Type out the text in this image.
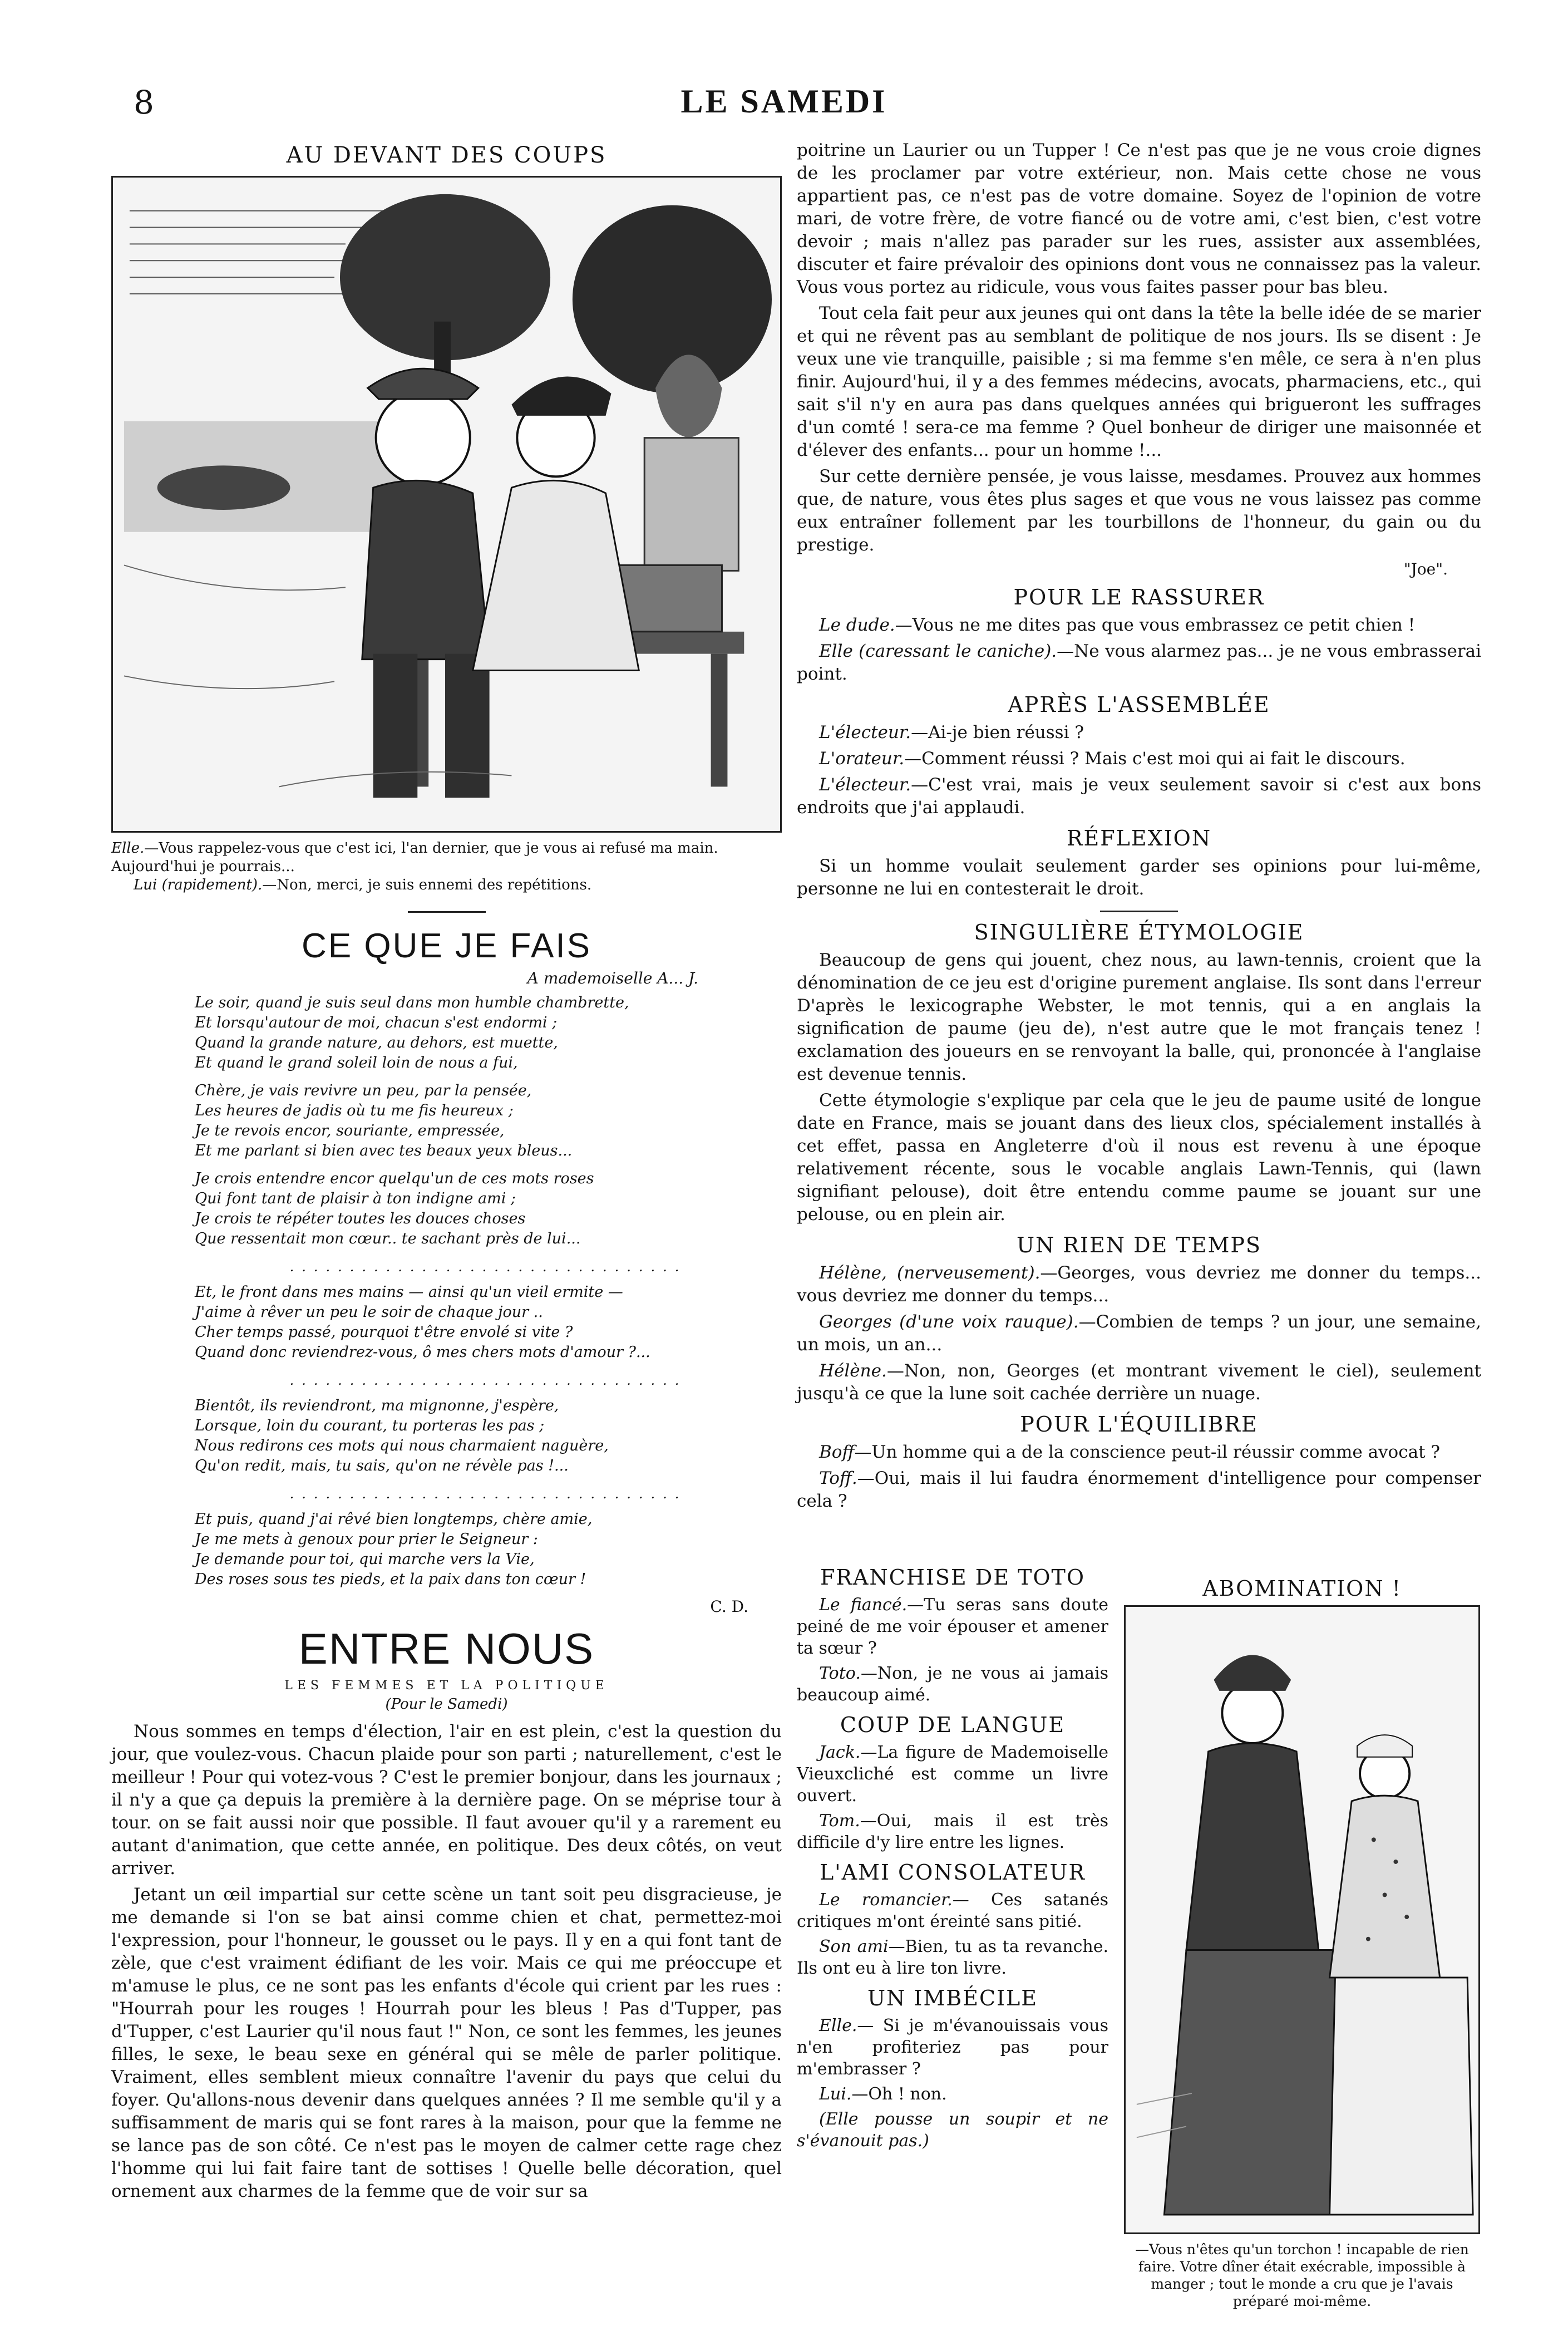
8	LE SAMEDI
AU DEVANT DES COUPS
Elle.—Vous rappelez-vous que c'est ici, l'an dernier, que je vous ai refusé ma main. Aujourd'hui je pourrais...
Lui (rapidement).—Non, merci, je suis ennemi des repétitions.
CE QUE JE FAIS
A mademoiselle A... J.
Le soir, quand je suis seul dans mon humble chambrette,
Et lorsqu'autour de moi, chacun s'est endormi ;
Quand la grande nature, au dehors, est muette,
Et quand le grand soleil loin de nous a fui,
Chère, je vais revivre un peu, par la pensée,
Les heures de jadis où tu me fis heureux ;
Je te revois encor, souriante, empressée,
Et me parlant si bien avec tes beaux yeux bleus...
Je crois entendre encor quelqu'un de ces mots roses
Qui font tant de plaisir à ton indigne ami ;
Je crois te répéter toutes les douces choses
Que ressentait mon cœur.. te sachant près de lui...
.................................
Et, le front dans mes mains — ainsi qu'un vieil ermite —
J'aime à rêver un peu le soir de chaque jour ..
Cher temps passé, pourquoi t'être envolé si vite ?
Quand donc reviendrez-vous, ô mes chers mots d'amour ?...
.................................
Bientôt, ils reviendront, ma mignonne, j'espère,
Lorsque, loin du courant, tu porteras les pas ;
Nous redirons ces mots qui nous charmaient naguère,
Qu'on redit, mais, tu sais, qu'on ne révèle pas !...
.................................
Et puis, quand j'ai rêvé bien longtemps, chère amie,
Je me mets à genoux pour prier le Seigneur :
Je demande pour toi, qui marche vers la Vie,
Des roses sous tes pieds, et la paix dans ton cœur !
C. D.
ENTRE NOUS
LES FEMMES ET LA POLITIQUE
(Pour le Samedi)

Nous sommes en temps d'élection, l'air en est plein, c'est la question du jour, que voulez-vous. Chacun plaide pour son parti ; naturellement, c'est le meilleur ! Pour qui votez-vous ? C'est le premier bonjour, dans les journaux ; il n'y a que ça depuis la première à la dernière page. On se méprise tour à tour. on se fait aussi noir que possible. Il faut avouer qu'il y a rarement eu autant d'animation, que cette année, en politique. Des deux côtés, on veut arriver.

Jetant un œil impartial sur cette scène un tant soit peu disgracieuse, je me demande si l'on se bat ainsi comme chien et chat, permettez-moi l'expression, pour l'honneur, le gousset ou le pays. Il y en a qui font tant de zèle, que c'est vraiment édifiant de les voir. Mais ce qui me préoccupe et m'amuse le plus, ce ne sont pas les enfants d'école qui crient par les rues : "Hourrah pour les rouges ! Hourrah pour les bleus ! Pas d'Tupper, pas d'Tupper, c'est Laurier qu'il nous faut !" Non, ce sont les femmes, les jeunes filles, le sexe, le beau sexe en général qui se mêle de parler politique. Vraiment, elles semblent mieux connaître l'avenir du pays que celui du foyer. Qu'allons-nous devenir dans quelques années ? Il me semble qu'il y a suffisamment de maris qui se font rares à la maison, pour que la femme ne se lance pas de son côté. Ce n'est pas le moyen de calmer cette rage chez l'homme qui lui fait faire tant de sottises ! Quelle belle décoration, quel ornement aux charmes de la femme que de voir sur sa

poitrine un Laurier ou un Tupper ! Ce n'est pas que je ne vous croie dignes de les proclamer par votre extérieur, non. Mais cette chose ne vous appartient pas, ce n'est pas de votre domaine. Soyez de l'opinion de votre mari, de votre frère, de votre fiancé ou de votre ami, c'est bien, c'est votre devoir ; mais n'allez pas parader sur les rues, assister aux assemblées, discuter et faire prévaloir des opinions dont vous ne connaissez pas la valeur. Vous vous portez au ridicule, vous vous faites passer pour bas bleu.

Tout cela fait peur aux jeunes qui ont dans la tête la belle idée de se marier et qui ne rêvent pas au semblant de politique de nos jours. Ils se disent : Je veux une vie tranquille, paisible ; si ma femme s'en mêle, ce sera à n'en plus finir. Aujourd'hui, il y a des femmes médecins, avocats, pharmaciens, etc., qui sait s'il n'y en aura pas dans quelques années qui brigueront les suffrages d'un comté ! sera-ce ma femme ? Quel bonheur de diriger une maisonnée et d'élever des enfants... pour un homme !...

Sur cette dernière pensée, je vous laisse, mesdames. Prouvez aux hommes que, de nature, vous êtes plus sages et que vous ne vous laissez pas comme eux entraîner follement par les tourbillons de l'honneur, du gain ou du prestige.

"Joe".
POUR LE RASSURER

Le dude.—Vous ne me dites pas que vous embrassez ce petit chien !

Elle (caressant le caniche).—Ne vous alarmez pas... je ne vous embrasserai point.

APRÈS L'ASSEMBLÉE

L'électeur.—Ai-je bien réussi ?

L'orateur.—Comment réussi ? Mais c'est moi qui ai fait le discours.

L'électeur.—C'est vrai, mais je veux seulement savoir si c'est aux bons endroits que j'ai applaudi.

RÉFLEXION

Si un homme voulait seulement garder ses opinions pour lui-même, personne ne lui en contesterait le droit.

SINGULIÈRE ÉTYMOLOGIE

Beaucoup de gens qui jouent, chez nous, au lawn-tennis, croient que la dénomination de ce jeu est d'origine purement anglaise. Ils sont dans l'erreur D'après le lexicographe Webster, le mot tennis, qui a en anglais la signification de paume (jeu de), n'est autre que le mot français tenez ! exclamation des joueurs en se renvoyant la balle, qui, prononcée à l'anglaise est devenue tennis.

Cette étymologie s'explique par cela que le jeu de paume usité de longue date en France, mais se jouant dans des lieux clos, spécialement installés à cet effet, passa en Angleterre d'où il nous est revenu à une époque relativement récente, sous le vocable anglais Lawn-Tennis, qui (lawn signifiant pelouse), doit être entendu comme paume se jouant sur une pelouse, ou en plein air.

UN RIEN DE TEMPS

Hélène, (nerveusement).—Georges, vous devriez me donner du temps... vous devriez me donner du temps...

Georges (d'une voix rauque).—Combien de temps ? un jour, une semaine, un mois, un an...

Hélène.—Non, non, Georges (et montrant vivement le ciel), seulement jusqu'à ce que la lune soit cachée derrière un nuage.

POUR L'ÉQUILIBRE

Boff—Un homme qui a de la conscience peut-il réussir comme avocat ?

Toff.—Oui, mais il lui faudra énormement d'intelligence pour compenser cela ?

FRANCHISE DE TOTO

Le fiancé.—Tu seras sans doute peiné de me voir épouser et amener ta sœur ?

Toto.—Non, je ne vous ai jamais beaucoup aimé.

COUP DE LANGUE

Jack.—La figure de Mademoiselle Vieuxcliché est comme un livre ouvert.

Tom.—Oui, mais il est très difficile d'y lire entre les lignes.

L'AMI CONSOLATEUR

Le romancier.— Ces satanés critiques m'ont éreinté sans pitié.

Son ami—Bien, tu as ta revanche. Ils ont eu à lire ton livre.

UN IMBÉCILE

Elle.— Si je m'évanouissais vous n'en profiteriez pas pour m'embrasser ?

Lui.—Oh ! non.

(Elle pousse un soupir et ne s'évanouit pas.)

ABOMINATION !
—Vous n'êtes qu'un torchon ! incapable de rien faire. Votre dîner était exécrable, impossible à manger ; tout le monde a cru que je l'avais préparé moi-même.
